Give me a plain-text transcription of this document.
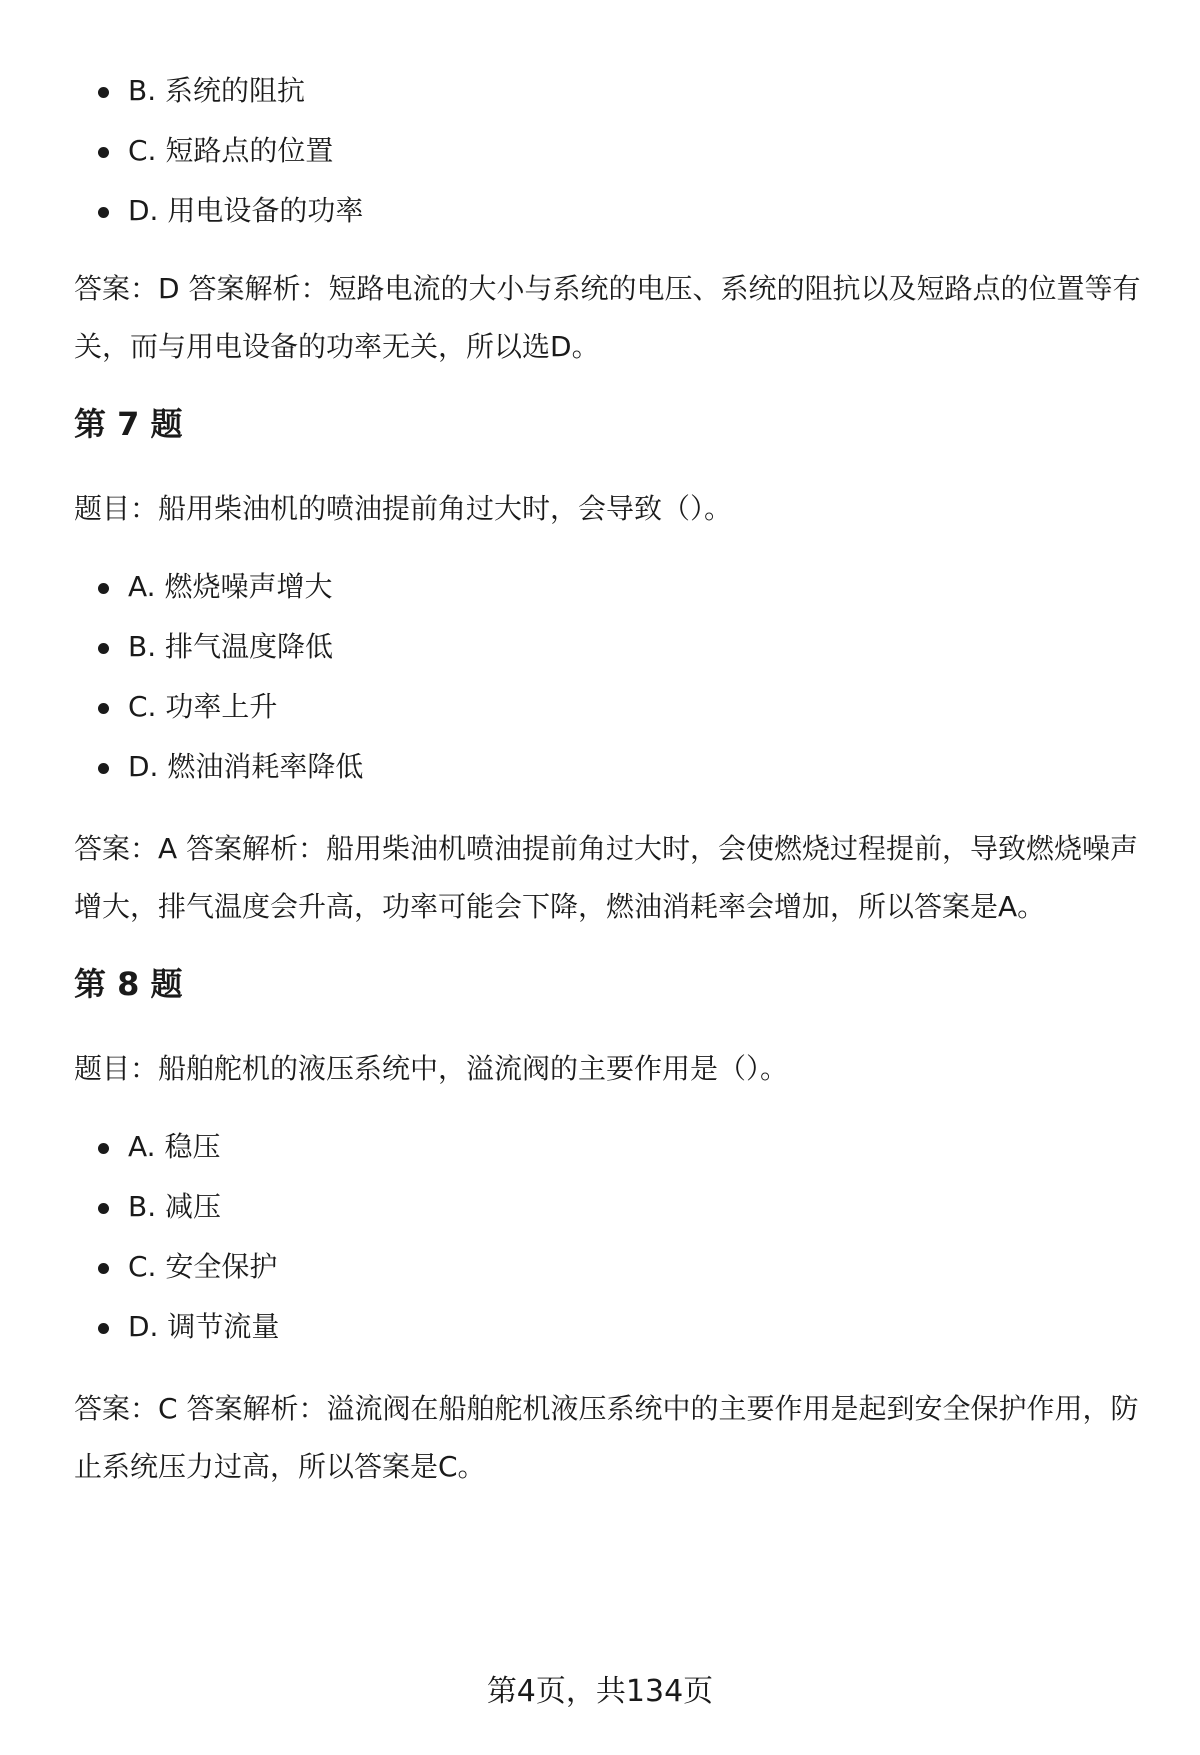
B. 系统的阻抗
C. 短路点的位置
D. 用电设备的功率

答案：D 答案解析：短路电流的大小与系统的电压、系统的阻抗以及短路点的位置等有关，而与用电设备的功率无关，所以选D。

第 7 题

题目：船用柴油机的喷油提前角过大时，会导致（）。

A. 燃烧噪声增大
B. 排气温度降低
C. 功率上升
D. 燃油消耗率降低

答案：A 答案解析：船用柴油机喷油提前角过大时，会使燃烧过程提前，导致燃烧噪声增大，排气温度会升高，功率可能会下降，燃油消耗率会增加，所以答案是A。

第 8 题

题目：船舶舵机的液压系统中，溢流阀的主要作用是（）。

A. 稳压
B. 减压
C. 安全保护
D. 调节流量

答案：C 答案解析：溢流阀在船舶舵机液压系统中的主要作用是起到安全保护作用，防止系统压力过高，所以答案是C。

第4页，共134页
